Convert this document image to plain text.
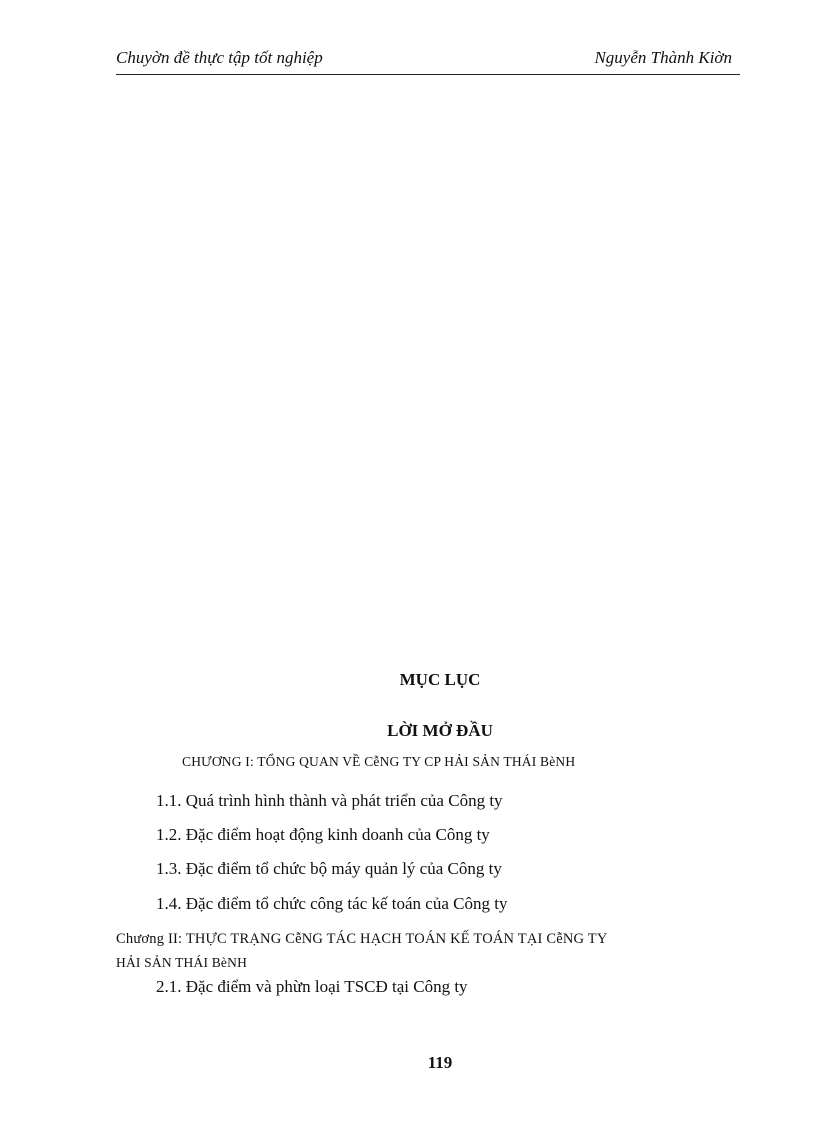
Chuyờn đề thực tập tốt nghiệp	Nguyễn Thành Kiờn
MỤC LỤC
LỜI MỞ ĐẦU
CHƯƠNG I: TỔNG QUAN VỀ CễNG TY CP HẢI SẢN THÁI BèNH
1.1. Quá trình hình thành và phát triển của Công ty
1.2. Đặc điểm hoạt động kinh doanh của Công ty
1.3. Đặc điểm tổ chức bộ máy quản lý của Công ty
1.4. Đặc điểm tổ chức công tác kế toán của Công ty
Chương II: THỰC TRẠNG CễNG TÁC HẠCH TOÁN KẾ TOÁN TẠI CễNG TY
HẢI SẢN THÁI BèNH
2.1. Đặc điểm và phừn loại TSCĐ tại Công ty
119
